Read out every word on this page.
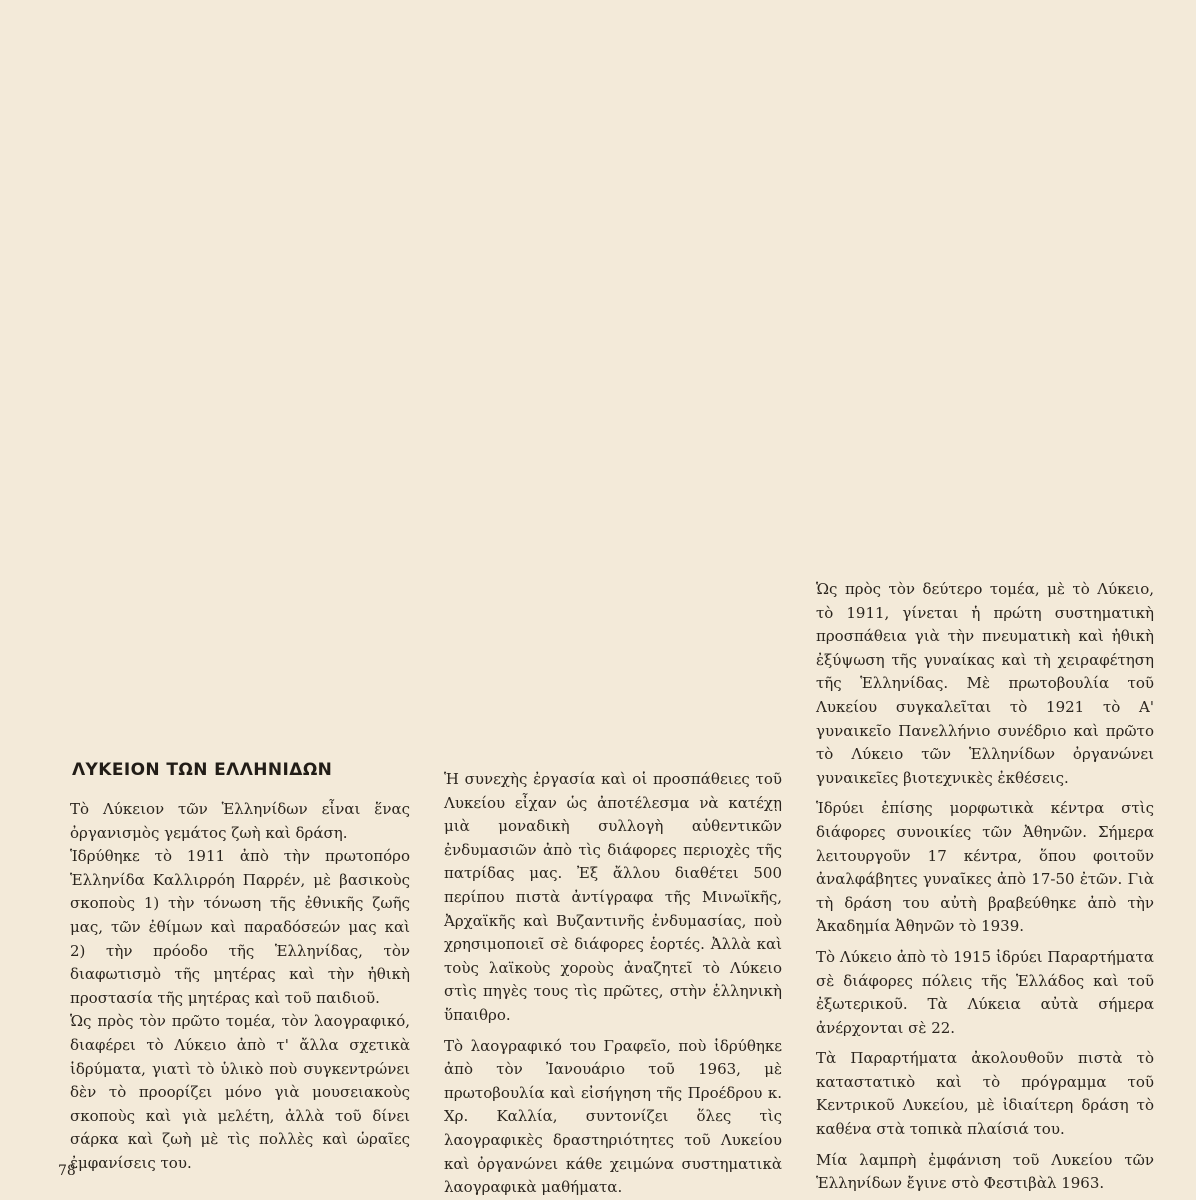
ΛΥΚΕΙΟΝ ΤΩΝ ΕΛΛΗΝΙΔΩΝ

Τὸ Λύκειον τῶν Ἑλληνίδων εἶναι ἕνας ὀργανισμὸς γεμάτος ζωὴ καὶ δράση.

Ἱδρύθηκε τὸ 1911 ἀπὸ τὴν πρωτοπόρο Ἑλληνίδα Καλλιρρόη Παρρέν, μὲ βασικοὺς σκοποὺς 1) τὴν τόνωση τῆς ἐθνικῆς ζωῆς μας, τῶν ἐθίμων καὶ παραδόσεών μας καὶ 2) τὴν πρόοδο τῆς Ἑλληνίδας, τὸν διαφωτισμὸ τῆς μητέρας καὶ τὴν ἠθικὴ προστασία τῆς μητέρας καὶ τοῦ παιδιοῦ.

Ὡς πρὸς τὸν πρῶτο τομέα, τὸν λαογραφικό, διαφέρει τὸ Λύκειο ἀπὸ τ' ἄλλα σχετικὰ ἱδρύματα, γιατὶ τὸ ὑλικὸ ποὺ συγκεντρώνει δὲν τὸ προορίζει μόνο γιὰ μουσειακοὺς σκοποὺς καὶ γιὰ μελέτη, ἀλλὰ τοῦ δίνει σάρκα καὶ ζωὴ μὲ τὶς πολλὲς καὶ ὡραῖες ἐμφανίσεις του.

Ἡ συνεχὴς ἐργασία καὶ οἱ προσπάθειες τοῦ Λυκείου εἶχαν ὡς ἀποτέλεσμα νὰ κατέχῃ μιὰ μοναδικὴ συλλογὴ αὐθεντικῶν ἐνδυμασιῶν ἀπὸ τὶς διάφορες περιοχὲς τῆς πατρίδας μας. Ἐξ ἄλλου διαθέτει 500 περίπου πιστὰ ἀντίγραφα τῆς Μινωϊκῆς, Ἀρχαϊκῆς καὶ Βυζαντινῆς ἐνδυμασίας, ποὺ χρησιμοποιεῖ σὲ διάφορες ἑορτές. Ἀλλὰ καὶ τοὺς λαϊκοὺς χοροὺς ἀναζητεῖ τὸ Λύκειο στὶς πηγὲς τους τὶς πρῶτες, στὴν ἑλληνικὴ ὕπαιθρο.

Τὸ λαογραφικό του Γραφεῖο, ποὺ ἱδρύθηκε ἀπὸ τὸν Ἰανουάριο τοῦ 1963, μὲ πρωτοβουλία καὶ εἰσήγηση τῆς Προέδρου κ. Χρ. Καλλία, συντονίζει ὅλες τὶς λαογραφικὲς δραστηριότητες τοῦ Λυκείου καὶ ὀργανώνει κάθε χειμώνα συστηματικὰ λαογραφικὰ μαθήματα.

Ὡς πρὸς τὸν δεύτερο τομέα, μὲ τὸ Λύκειο, τὸ 1911, γίνεται ἡ πρώτη συστηματικὴ προσπάθεια γιὰ τὴν πνευματικὴ καὶ ἠθικὴ ἐξύψωση τῆς γυναίκας καὶ τὴ χειραφέτηση τῆς Ἑλληνίδας. Μὲ πρωτοβουλία τοῦ Λυκείου συγκαλεῖται τὸ 1921 τὸ Α' γυναικεῖο Πανελλήνιο συνέδριο καὶ πρῶτο τὸ Λύκειο τῶν Ἑλληνίδων ὀργανώνει γυναικεῖες βιοτεχνικὲς ἐκθέσεις.

Ἱδρύει ἐπίσης μορφωτικὰ κέντρα στὶς διάφορες συνοικίες τῶν Ἀθηνῶν. Σήμερα λειτουργοῦν 17 κέντρα, ὅπου φοιτοῦν ἀναλφάβητες γυναῖκες ἀπὸ 17-50 ἐτῶν. Γιὰ τὴ δράση του αὐτὴ βραβεύθηκε ἀπὸ τὴν Ἀκαδημία Ἀθηνῶν τὸ 1939.

Τὸ Λύκειο ἀπὸ τὸ 1915 ἱδρύει Παραρτήματα σὲ διάφορες πόλεις τῆς Ἑλλάδος καὶ τοῦ ἐξωτερικοῦ. Τὰ Λύκεια αὐτὰ σήμερα ἀνέρχονται σὲ 22.

Τὰ Παραρτήματα ἀκολουθοῦν πιστὰ τὸ καταστατικὸ καὶ τὸ πρόγραμμα τοῦ Κεντρικοῦ Λυκείου, μὲ ἰδιαίτερη δράση τὸ καθένα στὰ τοπικὰ πλαίσιά του.

Μία λαμπρὴ ἐμφάνιση τοῦ Λυκείου τῶν Ἑλληνίδων ἔγινε στὸ Φεστιβὰλ 1963.

78
